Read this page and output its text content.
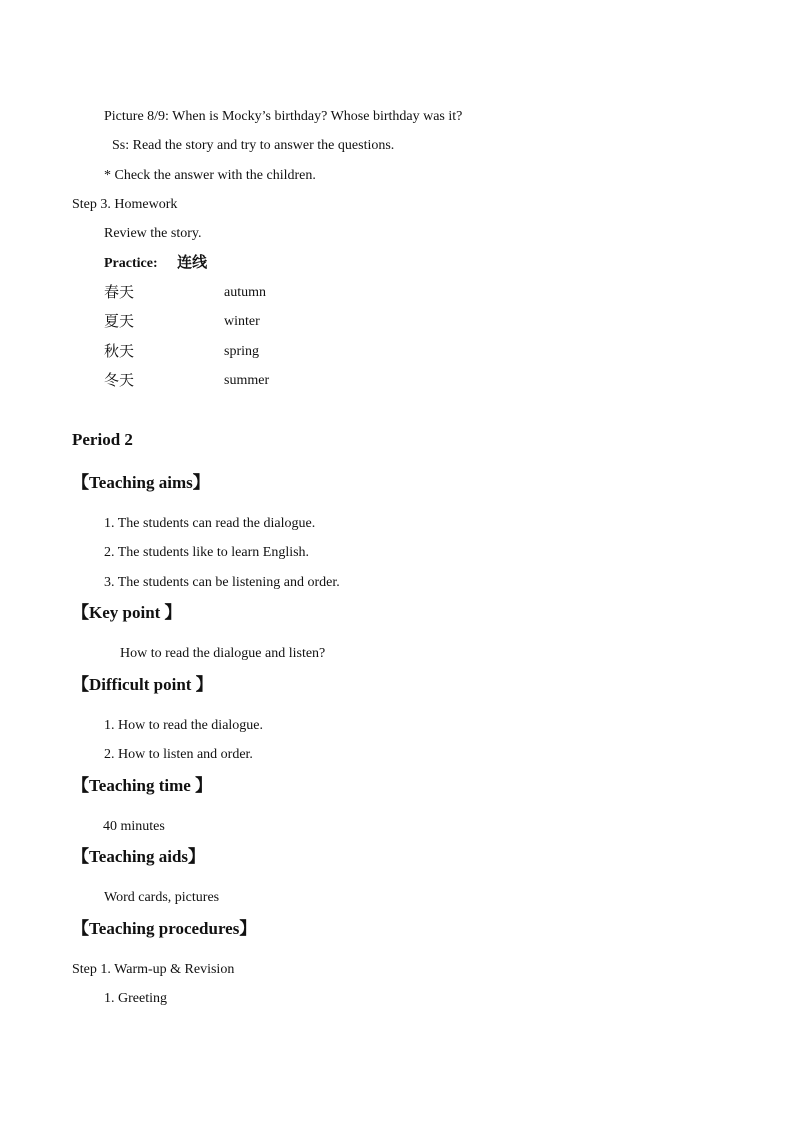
Picture 8/9: When is Mocky’s birthday? Whose birthday was it?
Ss: Read the story and try to answer the questions.
* Check the answer with the children.
Step 3. Homework
Review the story.
Practice: 连线
春天	autumn
夏天	winter
秋天	spring
冬天	summer
Period 2
【Teaching aims】
1. The students can read the dialogue.
2. The students like to learn English.
3. The students can be listening and order.
【Key point 】
How to read the dialogue and listen?
【Difficult point 】
1. How to read the dialogue.
2. How to listen and order.
【Teaching time 】
40 minutes
【Teaching aids】
Word cards, pictures
【Teaching procedures】
Step 1. Warm-up & Revision
1. Greeting
